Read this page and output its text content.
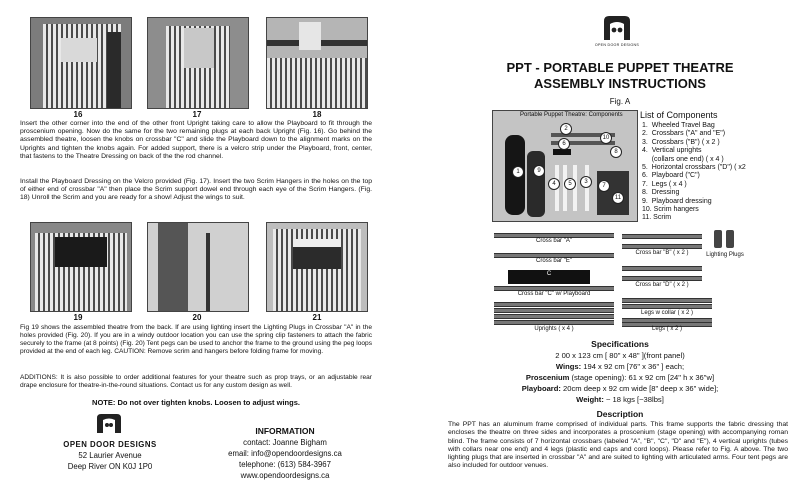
16	17	18
Insert the other corner into the end of the other front Upright taking care to allow the Playboard to fit through the proscenium opening. Now do the same for the two remaining plugs at each back Upright (Fig. 16). Go behind the assembled theatre, loosen the knobs on crossbar "C" and slide the Playboard down to the alignment marks on the Uprights and tighten the knobs again. For added support, there is a velcro strip under the Playboard, front, center, that fastens to the Theatre Dressing on back of the the rod channel.
Install the Playboard Dressing on the Velcro provided (Fig. 17). Insert the two Scrim Hangers in the holes on the top of either end of crossbar "A" then place the Scrim support dowel end through each eye of the Scrim Hangers. (Fig. 18) Unroll the Scrim and you are ready for a show! Adjust the wings to suit.
19	20	21
Fig 19 shows the assembled theatre from the back. If are using lighting insert the Lighting Plugs in Crossbar "A" in the holes provided (Fig. 20). If you are in a windy outdoor location you can use the spring clip fasteners to attach the fabric securely to the frame (at 8 points) (Fig. 20) Tent pegs can be used to anchor the frame to the ground using the peg loops provided at the end of each leg. CAUTION: Remove scrim and hangers before folding frame for moving.
ADDITIONS: It is also possible to order additional features for your theatre such as prop trays, or an adjustable rear drape enclosure for theatre-in-the-round situations. Contact us for any custom design as well.
NOTE: Do not over tighten knobs. Loosen to adjust wings.
OPEN DOOR DESIGNS
52 Laurier Avenue
Deep River ON K0J 1P0
INFORMATION
contact: Joanne Bigham
email: info@opendoordesigns.ca
telephone: (613) 584-3967
www.opendoordesigns.ca
OPEN DOOR DESIGNS
PPT - PORTABLE PUPPET THEATRE
ASSEMBLY INSTRUCTIONS
Fig. A
Portable Puppet Theatre: Components
1
2
3
4	5
6
7
8
9
10
11
List of Components
1.  Wheeled Travel Bag
2.  Crossbars ("A" and "E")
3.  Crossbars ("B") ( x 2 )
4.  Vertical uprights
(collars one end) ( x 4 )
5.  Horizontal crossbars ("D") ( x2
6.  Playboard ("C")
7.  Legs ( x 4 )
8.  Dressing
9.  Playboard dressing
10. Scrim hangers
11. Scrim
Cross bar "A"
Cross bar "E"
C
Cross bar "C" w/ Playboard
Uprights ( x 4 )
Cross bar "B" ( x 2 )
Cross bar "D" ( x 2 )
Lighting Plugs
Legs w collar ( x 2 )
Legs ( x 2 )
Specifications
2 00 x 123 cm [ 80" x 48" ](front panel)
Wings: 194 x 92 cm [76" x 36" ] each;
Proscenium (stage opening): 61 x 92 cm [24" h x 36"w]
Playboard: 20cm deep x 92 cm wide [8" deep x 36" wide];
Weight: ~ 18 kgs [~38lbs]
Description
The PPT has an aluminum frame comprised of individual parts. This frame supports the fabric dressing that encloses the theatre on three sides and incorporates a proscenium (stage opening) with accompanying roman blind. The frame consists of 7 horizontal crossbars (labeled "A", "B", "C", "D" and "E"), 4 vertical uprights (tubes with collars near one end) and 4 legs (plastic end caps and cord loops). Please refer to Fig. A above. The two lighting plugs that are inserted in crossbar "A" and are suited to lighting with articulated arms. Four tent pegs are also included for outdoor venues.
